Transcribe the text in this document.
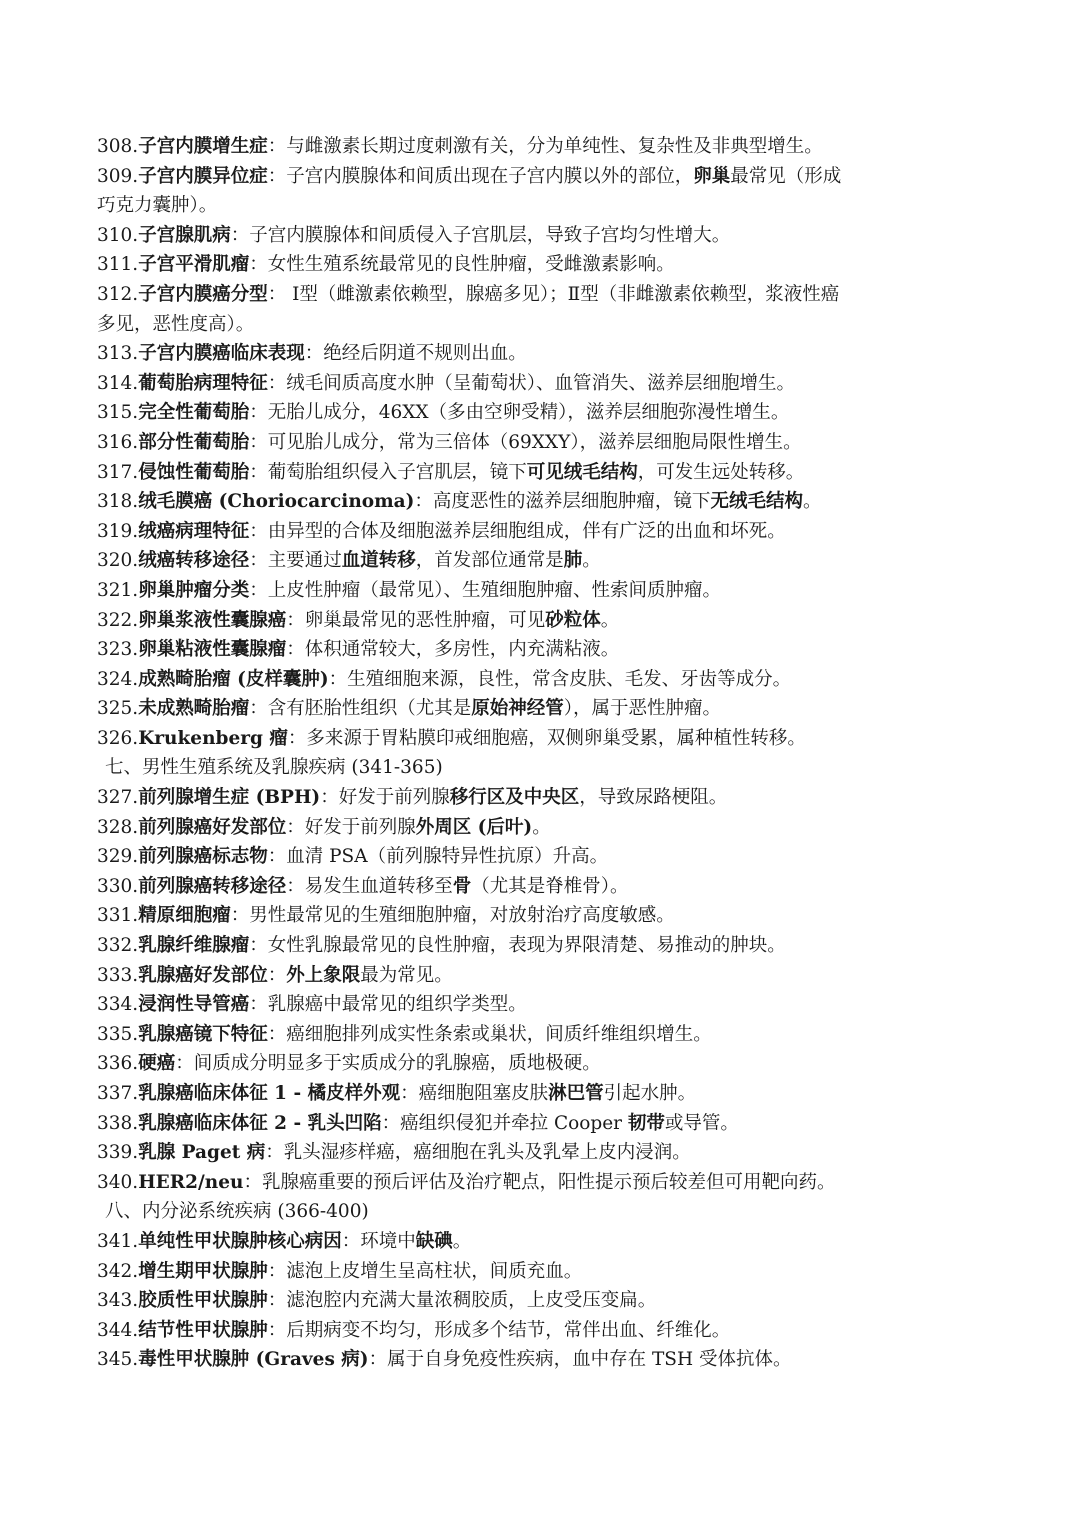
308.子宫内膜增生症：与雌激素长期过度刺激有关，分为单纯性、复杂性及非典型增生。
309.子宫内膜异位症：子宫内膜腺体和间质出现在子宫内膜以外的部位，卵巢最常见（形成
巧克力囊肿）。
310.子宫腺肌病：子宫内膜腺体和间质侵入子宫肌层，导致子宫均匀性增大。
311.子宫平滑肌瘤：女性生殖系统最常见的良性肿瘤，受雌激素影响。
312.子宫内膜癌分型： Ⅰ型（雌激素依赖型，腺癌多见）；Ⅱ型（非雌激素依赖型，浆液性癌
多见，恶性度高）。
313.子宫内膜癌临床表现：绝经后阴道不规则出血。
314.葡萄胎病理特征：绒毛间质高度水肿（呈葡萄状）、血管消失、滋养层细胞增生。
315.完全性葡萄胎：无胎儿成分，46XX（多由空卵受精），滋养层细胞弥漫性增生。
316.部分性葡萄胎：可见胎儿成分，常为三倍体（69XXY），滋养层细胞局限性增生。
317.侵蚀性葡萄胎：葡萄胎组织侵入子宫肌层，镜下可见绒毛结构，可发生远处转移。
318.绒毛膜癌 (Choriocarcinoma)：高度恶性的滋养层细胞肿瘤，镜下无绒毛结构。
319.绒癌病理特征：由异型的合体及细胞滋养层细胞组成，伴有广泛的出血和坏死。
320.绒癌转移途径：主要通过血道转移，首发部位通常是肺。
321.卵巢肿瘤分类：上皮性肿瘤（最常见）、生殖细胞肿瘤、性索间质肿瘤。
322.卵巢浆液性囊腺癌：卵巢最常见的恶性肿瘤，可见砂粒体。
323.卵巢粘液性囊腺瘤：体积通常较大，多房性，内充满粘液。
324.成熟畸胎瘤 (皮样囊肿)：生殖细胞来源，良性，常含皮肤、毛发、牙齿等成分。
325.未成熟畸胎瘤：含有胚胎性组织（尤其是原始神经管），属于恶性肿瘤。
326.Krukenberg 瘤：多来源于胃粘膜印戒细胞癌，双侧卵巢受累，属种植性转移。
七、男性生殖系统及乳腺疾病 (341-365)
327.前列腺增生症 (BPH)：好发于前列腺移行区及中央区，导致尿路梗阻。
328.前列腺癌好发部位：好发于前列腺外周区 (后叶)。
329.前列腺癌标志物：血清 PSA（前列腺特异性抗原）升高。
330.前列腺癌转移途径：易发生血道转移至骨（尤其是脊椎骨）。
331.精原细胞瘤：男性最常见的生殖细胞肿瘤，对放射治疗高度敏感。
332.乳腺纤维腺瘤：女性乳腺最常见的良性肿瘤，表现为界限清楚、易推动的肿块。
333.乳腺癌好发部位：外上象限最为常见。
334.浸润性导管癌：乳腺癌中最常见的组织学类型。
335.乳腺癌镜下特征：癌细胞排列成实性条索或巢状，间质纤维组织增生。
336.硬癌：间质成分明显多于实质成分的乳腺癌，质地极硬。
337.乳腺癌临床体征 1 - 橘皮样外观：癌细胞阻塞皮肤淋巴管引起水肿。
338.乳腺癌临床体征 2 - 乳头凹陷：癌组织侵犯并牵拉 Cooper 韧带或导管。
339.乳腺 Paget 病：乳头湿疹样癌，癌细胞在乳头及乳晕上皮内浸润。
340.HER2/neu：乳腺癌重要的预后评估及治疗靶点，阳性提示预后较差但可用靶向药。
八、内分泌系统疾病 (366-400)
341.单纯性甲状腺肿核心病因：环境中缺碘。
342.增生期甲状腺肿：滤泡上皮增生呈高柱状，间质充血。
343.胶质性甲状腺肿：滤泡腔内充满大量浓稠胶质，上皮受压变扁。
344.结节性甲状腺肿：后期病变不均匀，形成多个结节，常伴出血、纤维化。
345.毒性甲状腺肿 (Graves 病)：属于自身免疫性疾病，血中存在 TSH 受体抗体。
